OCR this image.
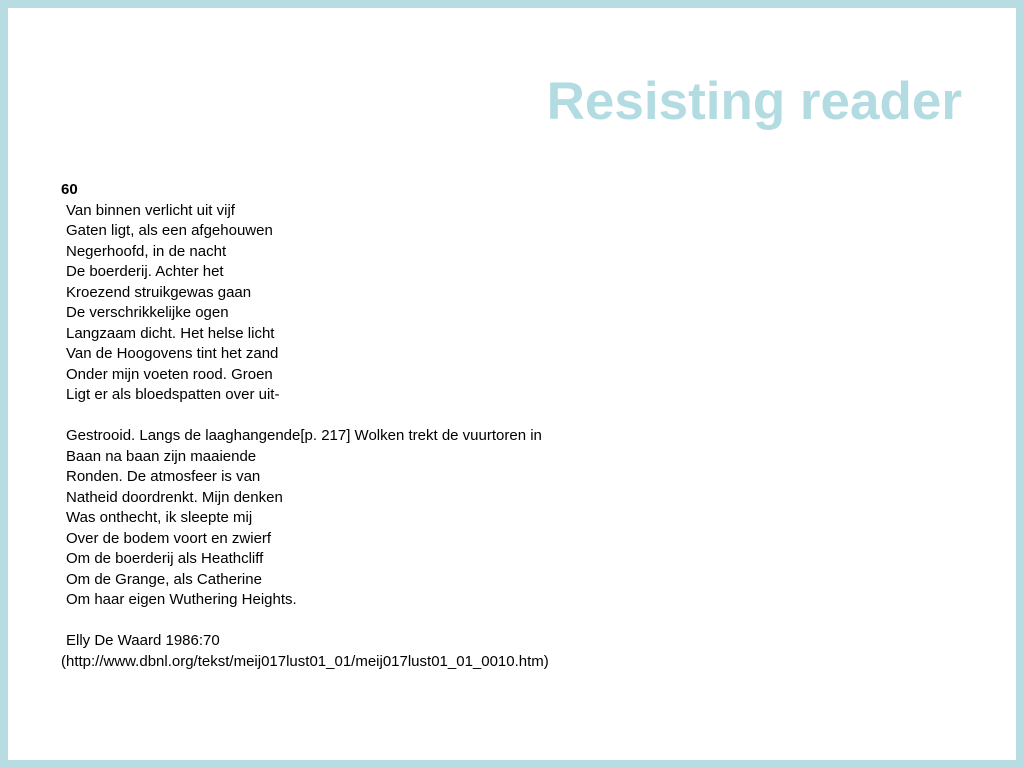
Resisting reader
60
Van binnen verlicht uit vijf
Gaten ligt, als een afgehouwen
Negerhoofd, in de nacht
De boerderij. Achter het
Kroezend struikgewas gaan
De verschrikkelijke ogen
Langzaam dicht. Het helse licht
Van de Hoogovens tint het zand
Onder mijn voeten rood. Groen
Ligt er als bloedspatten over uit-
Gestrooid. Langs de laaghangende[p. 217] Wolken trekt de vuurtoren in
Baan na baan zijn maaiende
Ronden. De atmosfeer is van
Natheid doordrenkt. Mijn denken
Was onthecht, ik sleepte mij
Over de bodem voort en zwierf
Om de boerderij als Heathcliff
Om de Grange, als Catherine
Om haar eigen Wuthering Heights.
Elly De Waard 1986:70
(http://www.dbnl.org/tekst/meij017lust01_01/meij017lust01_01_0010.htm)
